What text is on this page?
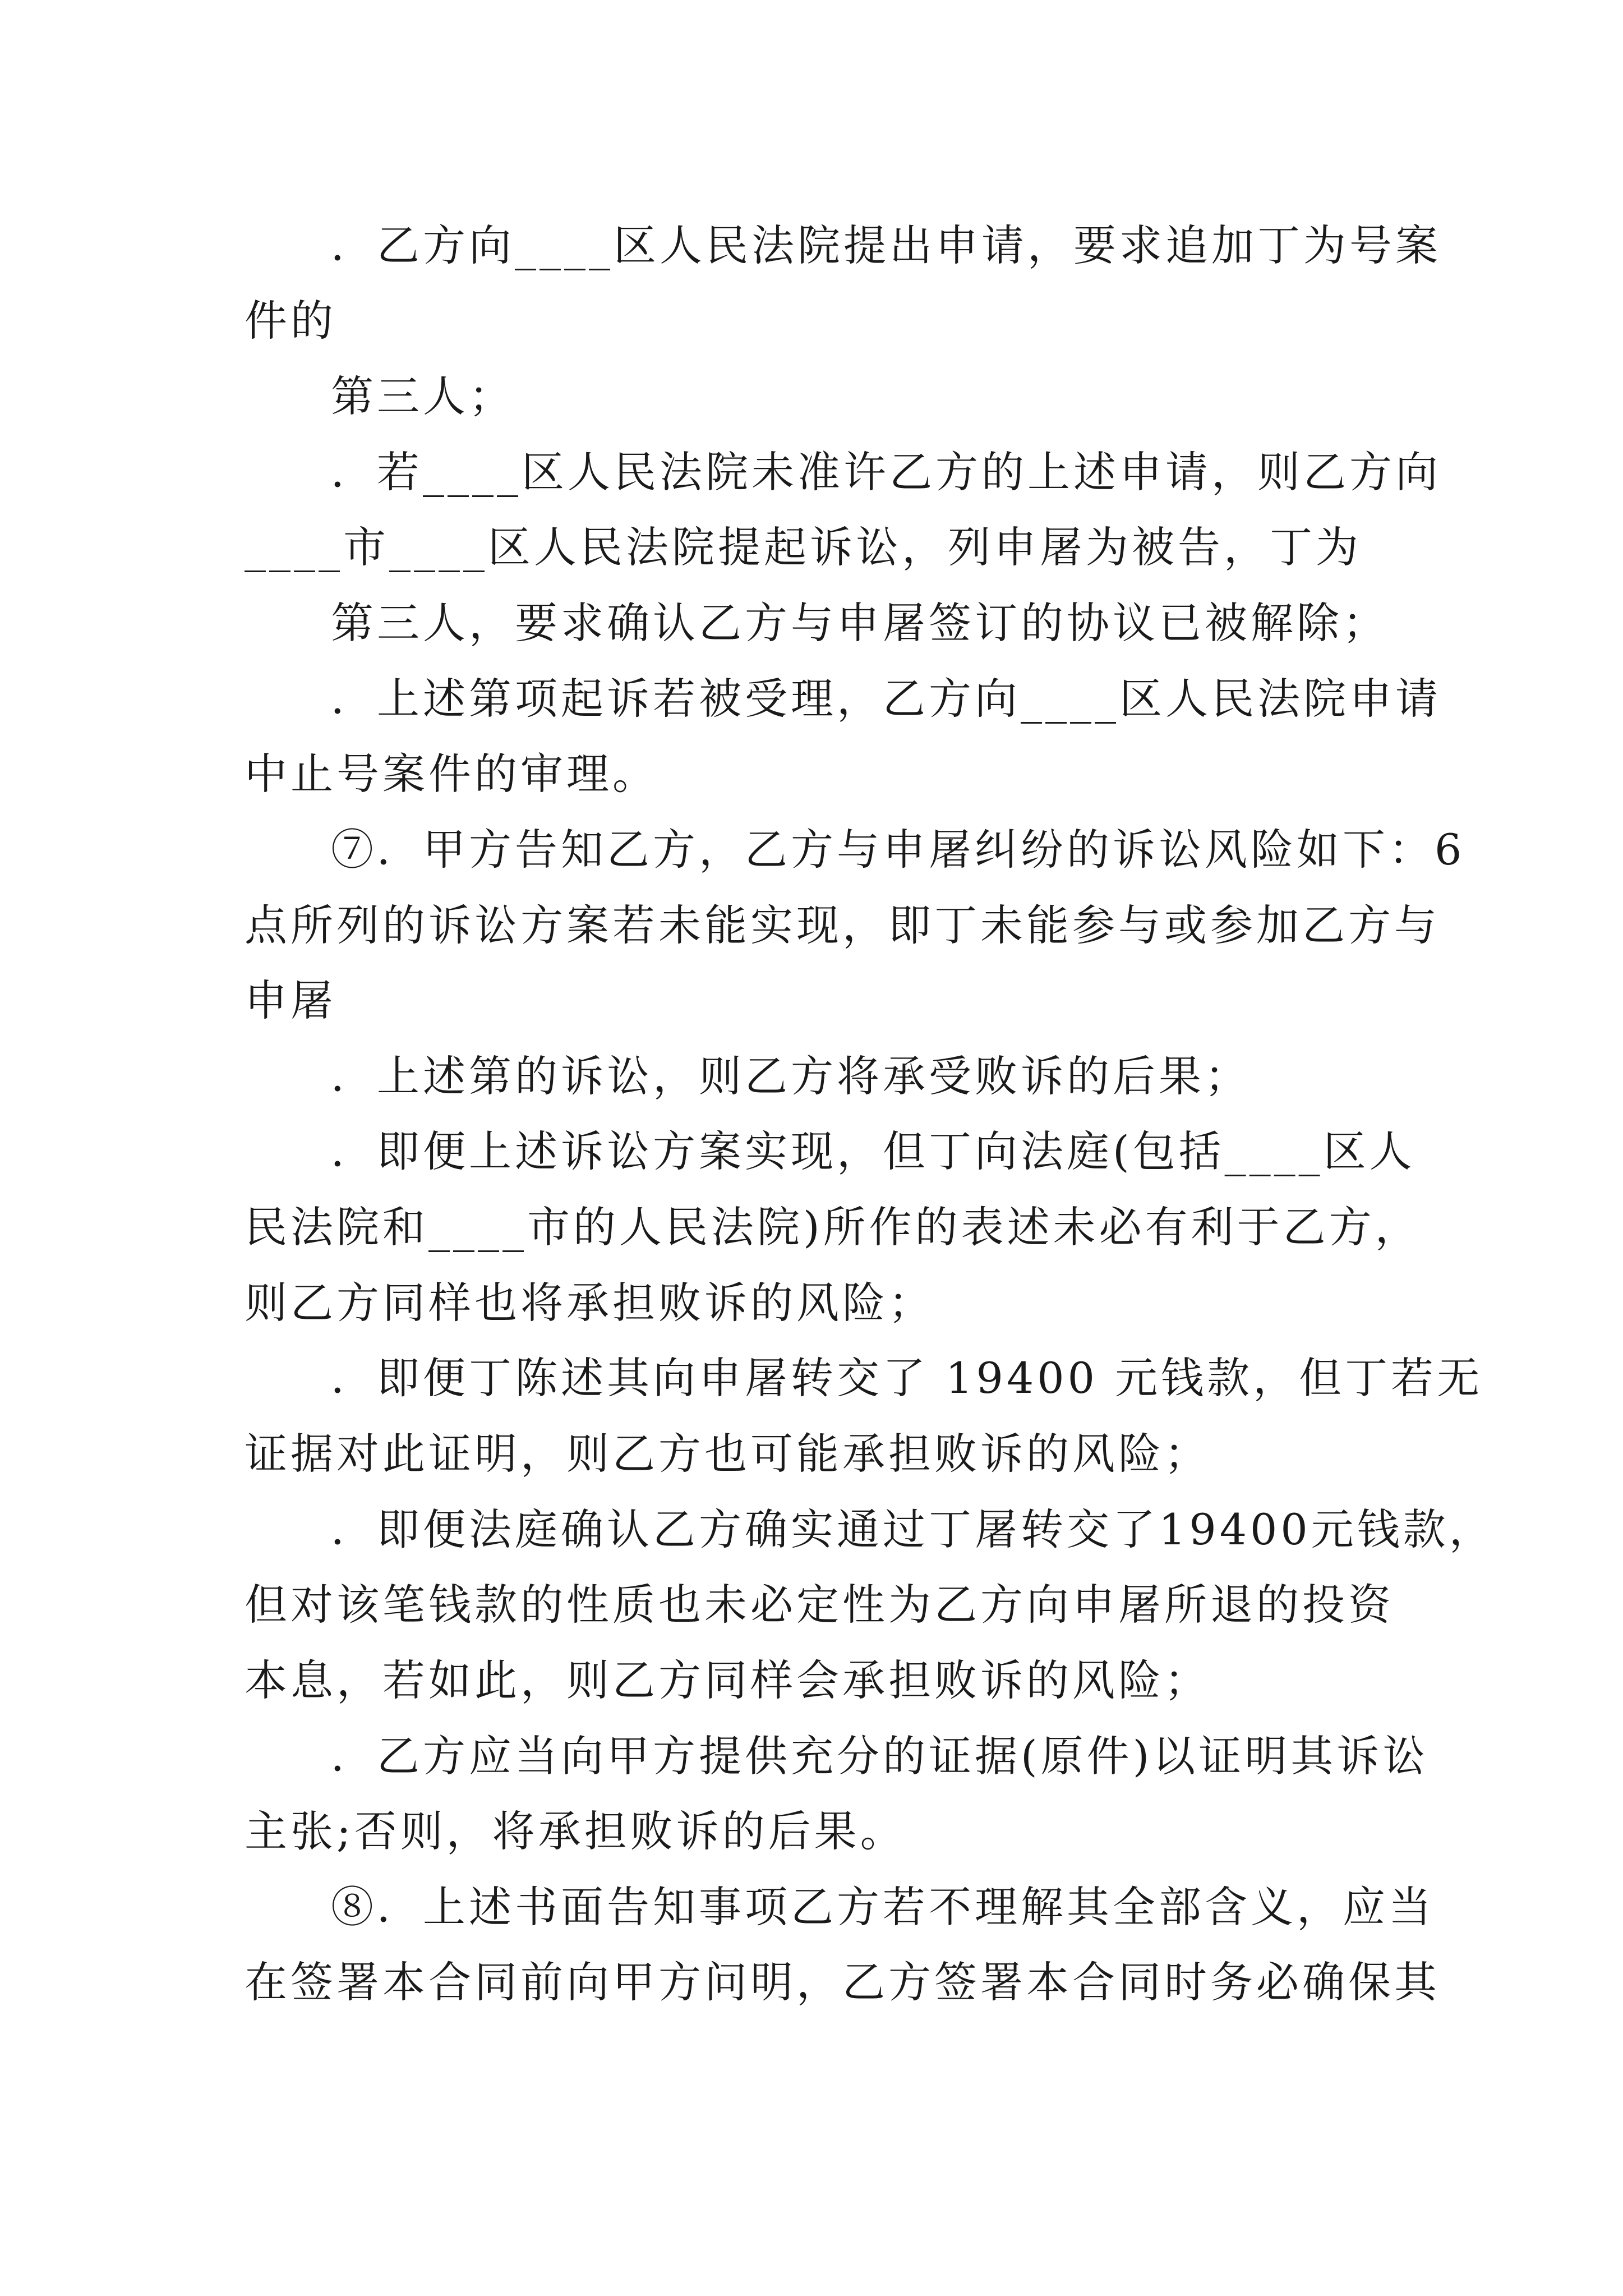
．乙方向____区人民法院提出申请，要求追加丁为号案
件的
第三人；
．若____区人民法院未准许乙方的上述申请，则乙方向
____市____区人民法院提起诉讼，列申屠为被告，丁为
第三人，要求确认乙方与申屠签订的协议已被解除；
．上述第项起诉若被受理，乙方向____区人民法院申请
中止号案件的审理。
⑦．甲方告知乙方，乙方与申屠纠纷的诉讼风险如下：6
点所列的诉讼方案若未能实现，即丁未能参与或参加乙方与
申屠
．上述第的诉讼，则乙方将承受败诉的后果；
．即便上述诉讼方案实现，但丁向法庭(包括____区人
民法院和____市的人民法院)所作的表述未必有利于乙方，
则乙方同样也将承担败诉的风险；
．即便丁陈述其向申屠转交了 19400 元钱款，但丁若无
证据对此证明，则乙方也可能承担败诉的风险；
．即便法庭确认乙方确实通过丁屠转交了19400元钱款，
但对该笔钱款的性质也未必定性为乙方向申屠所退的投资
本息，若如此，则乙方同样会承担败诉的风险；
．乙方应当向甲方提供充分的证据(原件)以证明其诉讼
主张;否则，将承担败诉的后果。
⑧．上述书面告知事项乙方若不理解其全部含义，应当
在签署本合同前向甲方问明，乙方签署本合同时务必确保其
